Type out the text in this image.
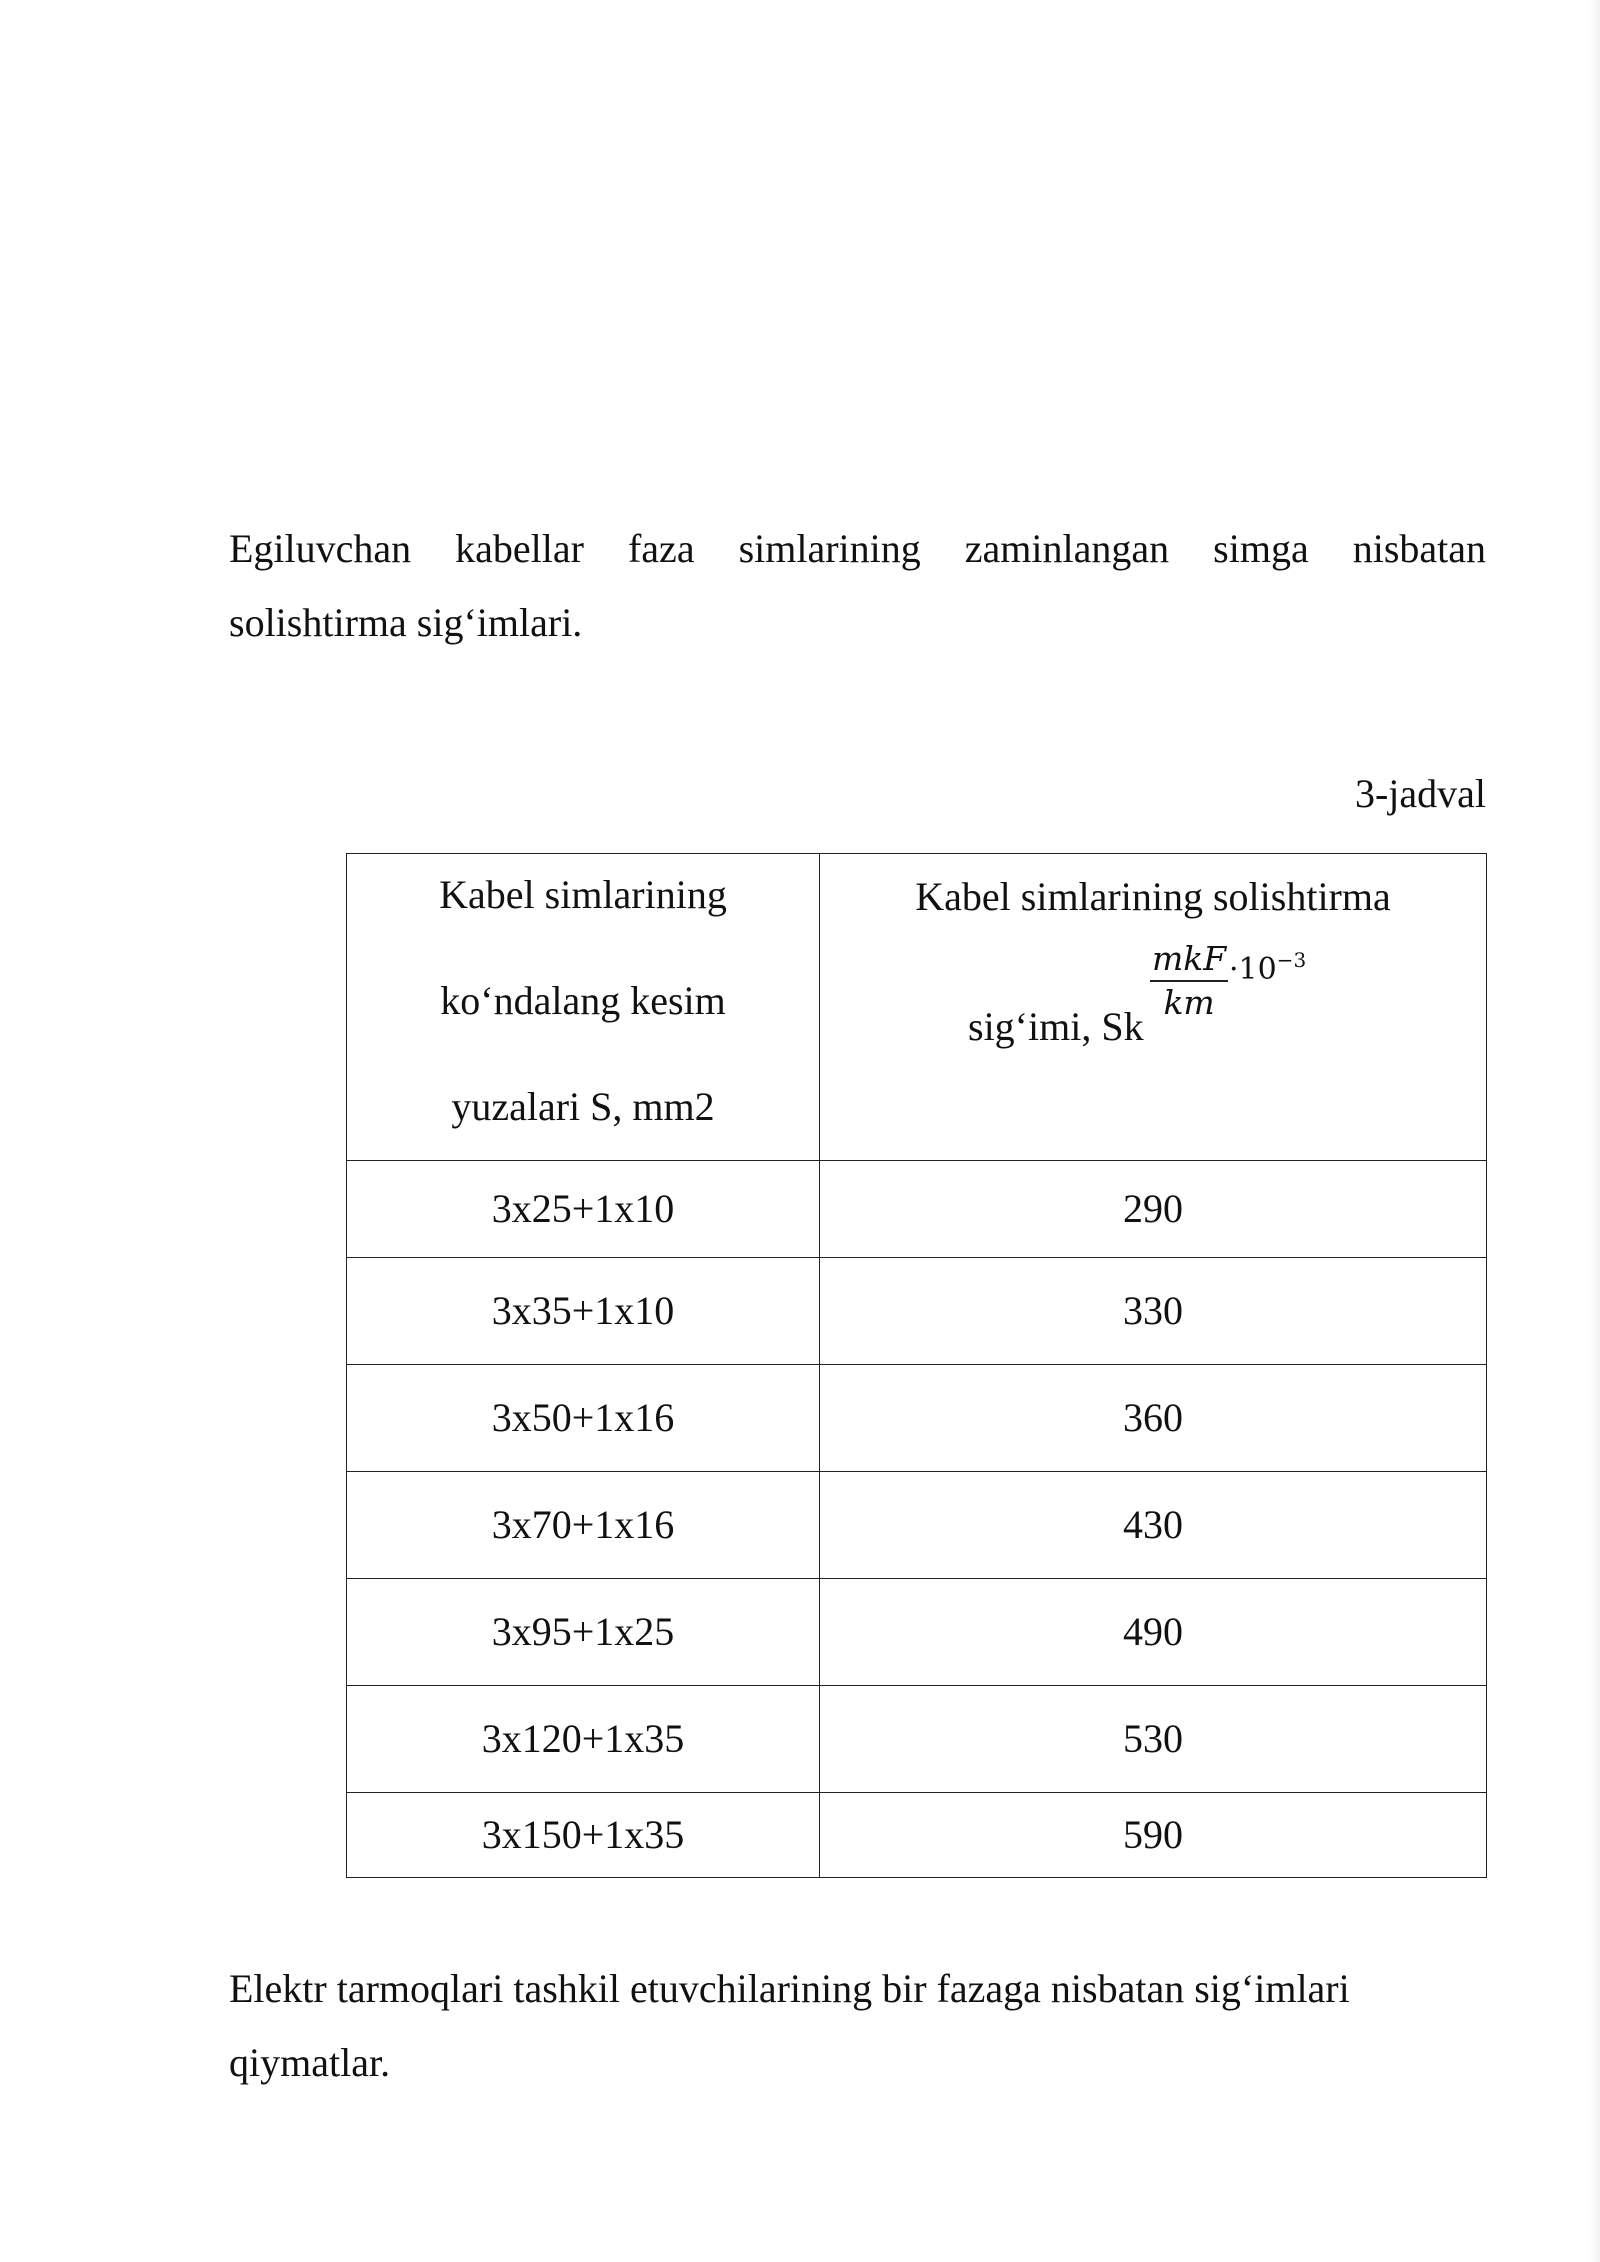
Egiluvchan kabellar faza simlarining zaminlangan simga nisbatan
solishtirma sig‘imlari.

3-jadval

Kabel simlarining
ko‘ndalang kesim
yuzalari S, mm2	Kabel simlarining solishtirma
sig‘imi, Sk
mkF
km
$\cdot 10^{-3}$

3x25+1x10	290
3x35+1x10	330
3x50+1x16	360
3x70+1x16	430
3x95+1x25	490
3x120+1x35	530
3x150+1x35	590

Elektr tarmoqlari tashkil etuvchilarining bir fazaga nisbatan sig‘imlari
qiymatlar.
